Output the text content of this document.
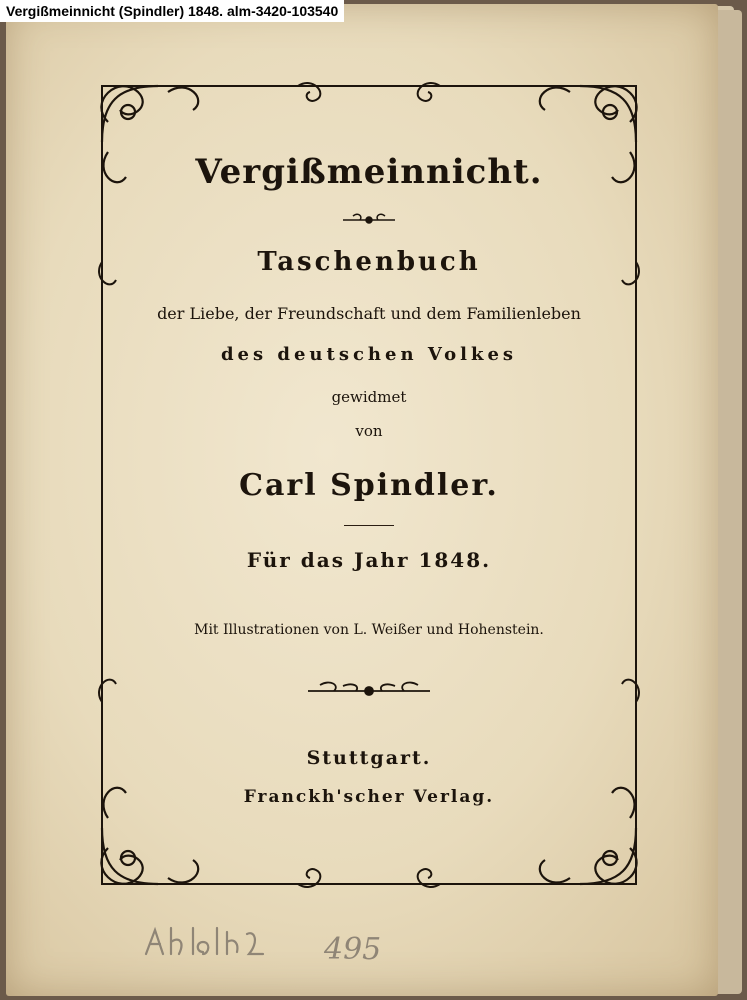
Vergißmeinnicht (Spindler) 1848. alm-3420-103540
Vergißmeinnicht.
Taschenbuch
der Liebe, der Freundschaft und dem Familienleben
des deutschen Volkes
gewidmet
von
Carl Spindler.
Für das Jahr 1848.
Mit Illustrationen von L. Weißer und Hohenstein.
Stuttgart.
Franckh'scher Verlag.
495
